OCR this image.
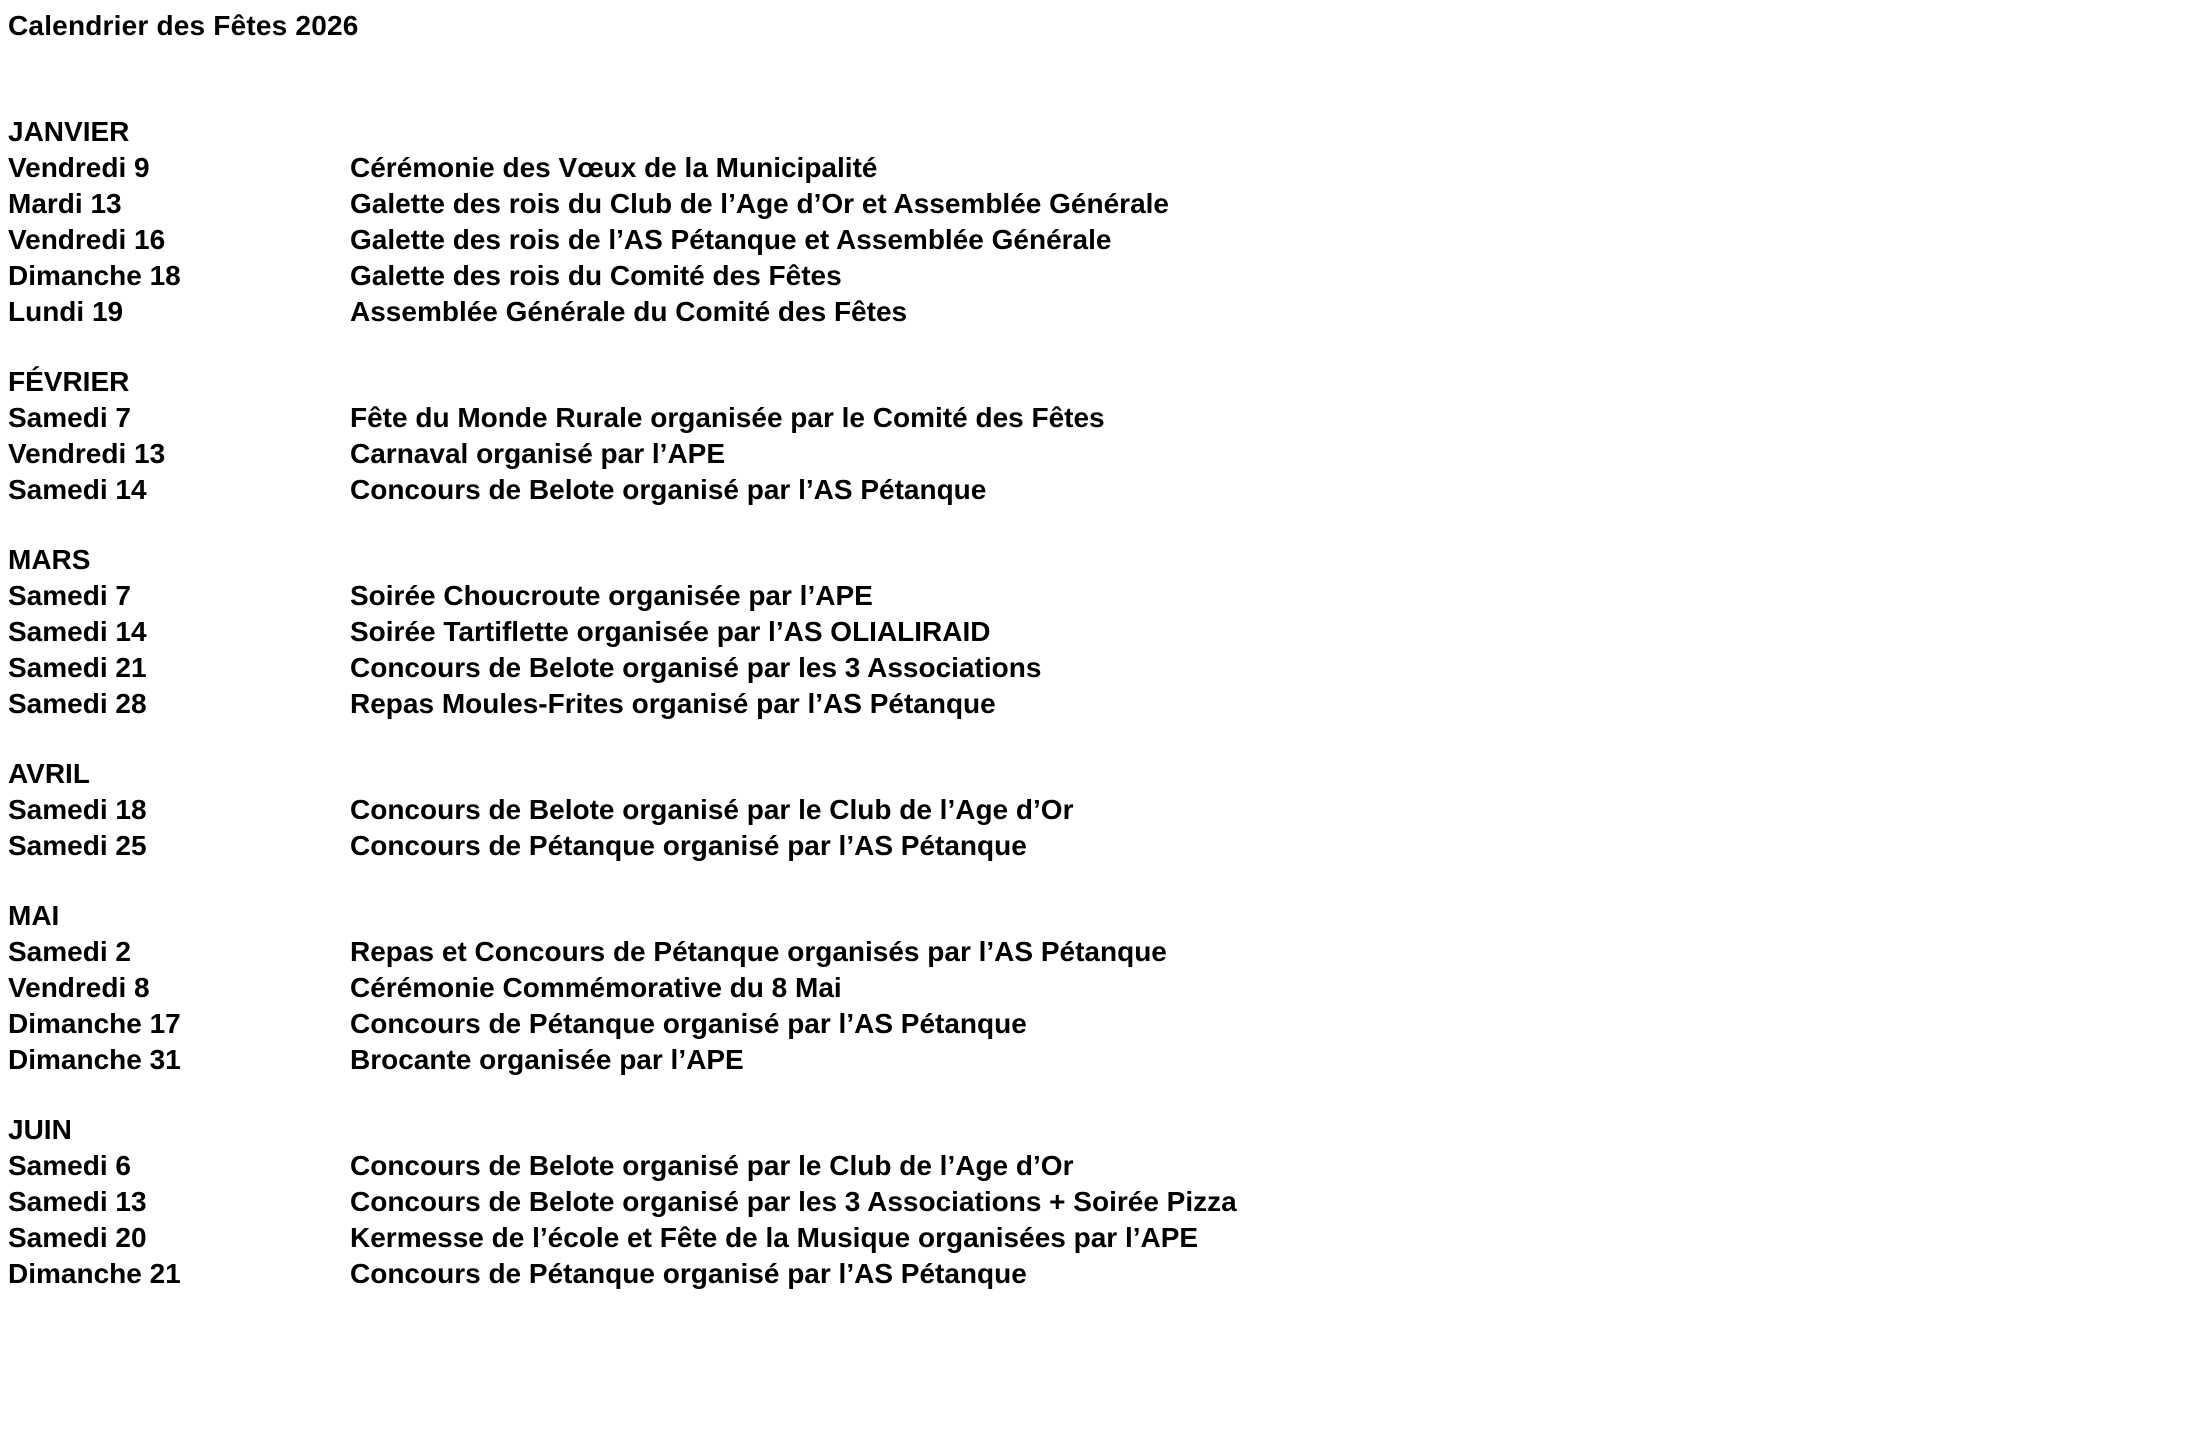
Calendrier des Fêtes 2026
JANVIER
Vendredi 9	Cérémonie des Vœux de la Municipalité
Mardi 13	Galette des rois du Club de l’Age d’Or et Assemblée Générale
Vendredi 16	Galette des rois de l’AS Pétanque et Assemblée Générale
Dimanche 18	Galette des rois du Comité des Fêtes
Lundi 19	Assemblée Générale du Comité des Fêtes
FÉVRIER
Samedi 7	Fête du Monde Rurale organisée par le Comité des Fêtes
Vendredi 13	Carnaval organisé par l’APE
Samedi 14	Concours de Belote organisé par l’AS Pétanque
MARS
Samedi 7	Soirée Choucroute organisée par l’APE
Samedi 14	Soirée Tartiflette organisée par l’AS OLIALIRAID
Samedi 21	Concours de Belote organisé par les 3 Associations
Samedi 28	Repas Moules-Frites organisé par l’AS Pétanque
AVRIL
Samedi 18	Concours de Belote organisé par le Club de l’Age d’Or
Samedi 25	Concours de Pétanque organisé par l’AS Pétanque
MAI
Samedi 2	Repas et Concours de Pétanque organisés par l’AS Pétanque
Vendredi 8	Cérémonie Commémorative du 8 Mai
Dimanche 17	Concours de Pétanque organisé par l’AS Pétanque
Dimanche 31	Brocante organisée par l’APE
JUIN
Samedi 6	Concours de Belote organisé par le Club de l’Age d’Or
Samedi 13	Concours de Belote organisé par les 3 Associations + Soirée Pizza
Samedi 20	Kermesse de l’école et Fête de la Musique organisées par l’APE
Dimanche 21	Concours de Pétanque organisé par l’AS Pétanque
